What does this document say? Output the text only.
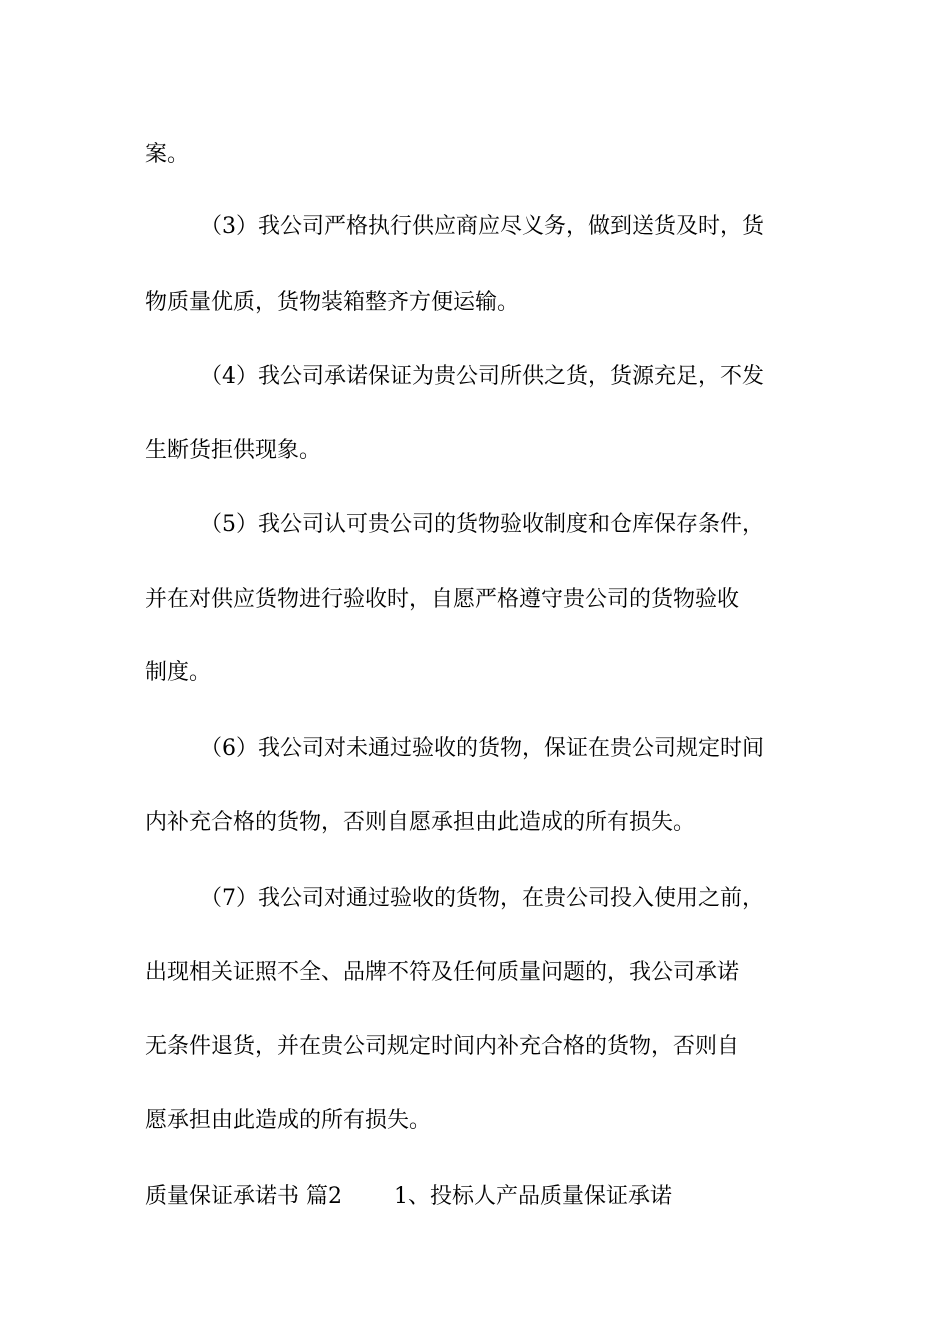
案。

（3）我公司严格执行供应商应尽义务，做到送货及时，货

物质量优质，货物装箱整齐方便运输。

（4）我公司承诺保证为贵公司所供之货，货源充足，不发

生断货拒供现象。

（5）我公司认可贵公司的货物验收制度和仓库保存条件，

并在对供应货物进行验收时，自愿严格遵守贵公司的货物验收

制度。

（6）我公司对未通过验收的货物，保证在贵公司规定时间

内补充合格的货物，否则自愿承担由此造成的所有损失。

（7）我公司对通过验收的货物，在贵公司投入使用之前，

出现相关证照不全、品牌不符及任何质量问题的，我公司承诺

无条件退货，并在贵公司规定时间内补充合格的货物，否则自

愿承担由此造成的所有损失。

质量保证承诺书 篇2 1、投标人产品质量保证承诺
